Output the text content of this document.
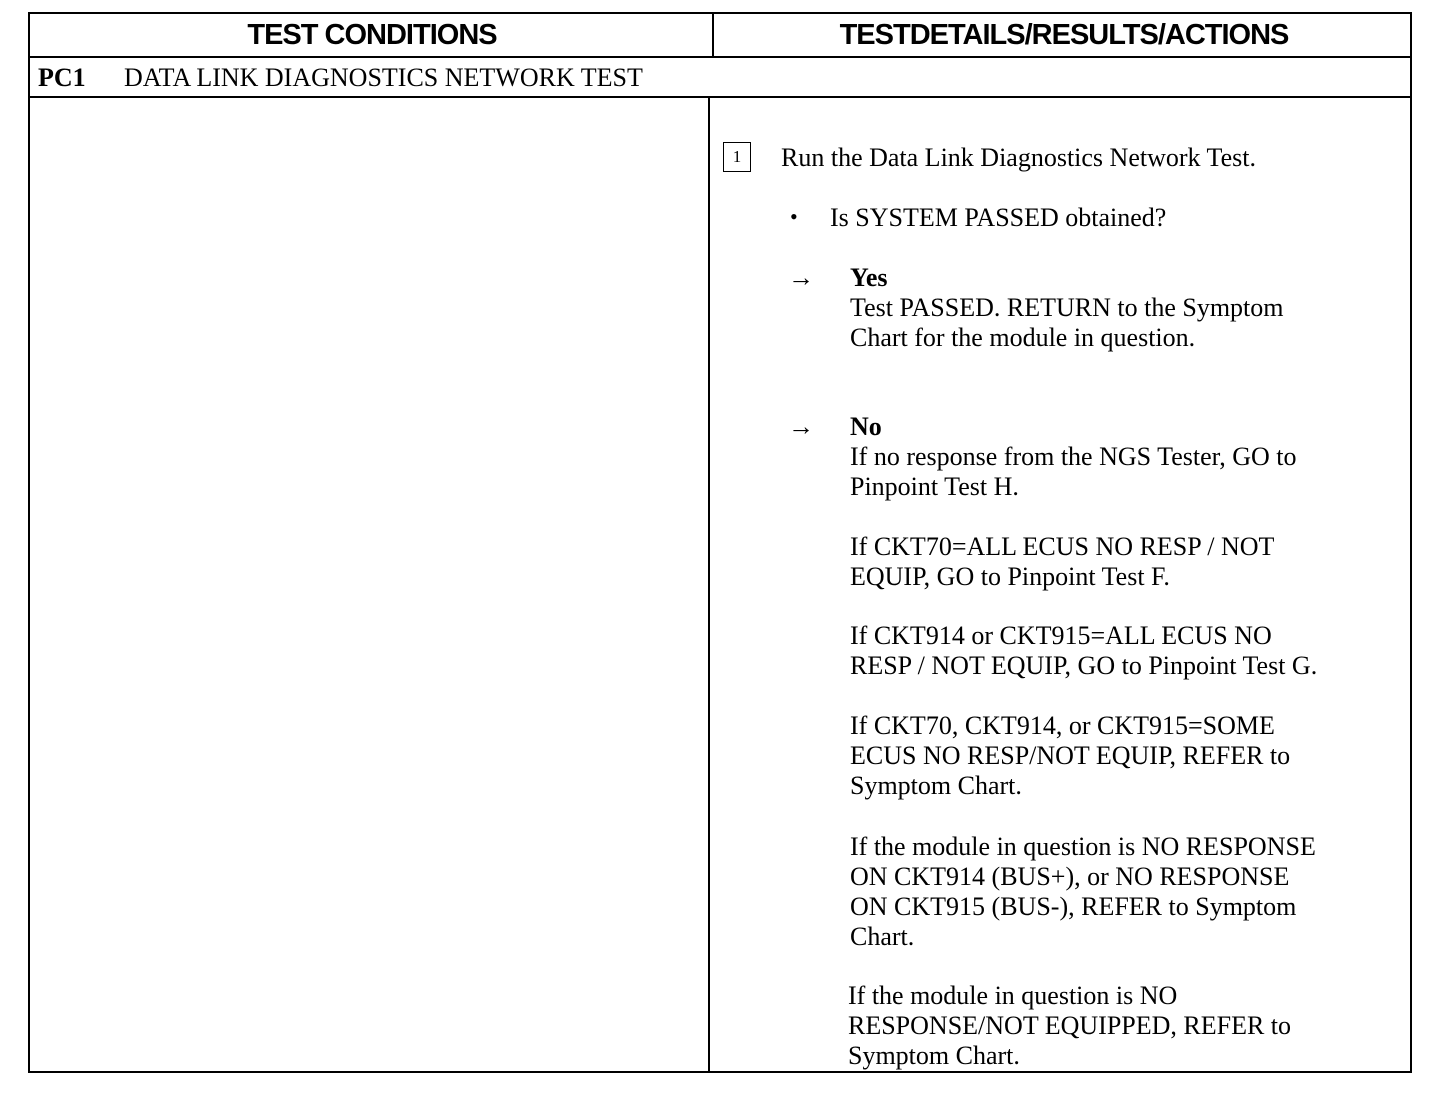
TEST CONDITIONS	TESTDETAILS/RESULTS/ACTIONS
PC1	DATA LINK DIAGNOSTICS NETWORK TEST
1	Run the Data Link Diagnostics Network Test.
• Is SYSTEM PASSED obtained?
→ Yes
Test PASSED. RETURN to the Symptom
Chart for the module in question.
→ No
If no response from the NGS Tester, GO to
Pinpoint Test H.
If CKT70=ALL ECUS NO RESP / NOT
EQUIP, GO to Pinpoint Test F.
If CKT914 or CKT915=ALL ECUS NO
RESP / NOT EQUIP, GO to Pinpoint Test G.
If CKT70, CKT914, or CKT915=SOME
ECUS NO RESP/NOT EQUIP, REFER to
Symptom Chart.
If the module in question is NO RESPONSE
ON CKT914 (BUS+), or NO RESPONSE
ON CKT915 (BUS-), REFER to Symptom
Chart.
If the module in question is NO
RESPONSE/NOT EQUIPPED, REFER to
Symptom Chart.
